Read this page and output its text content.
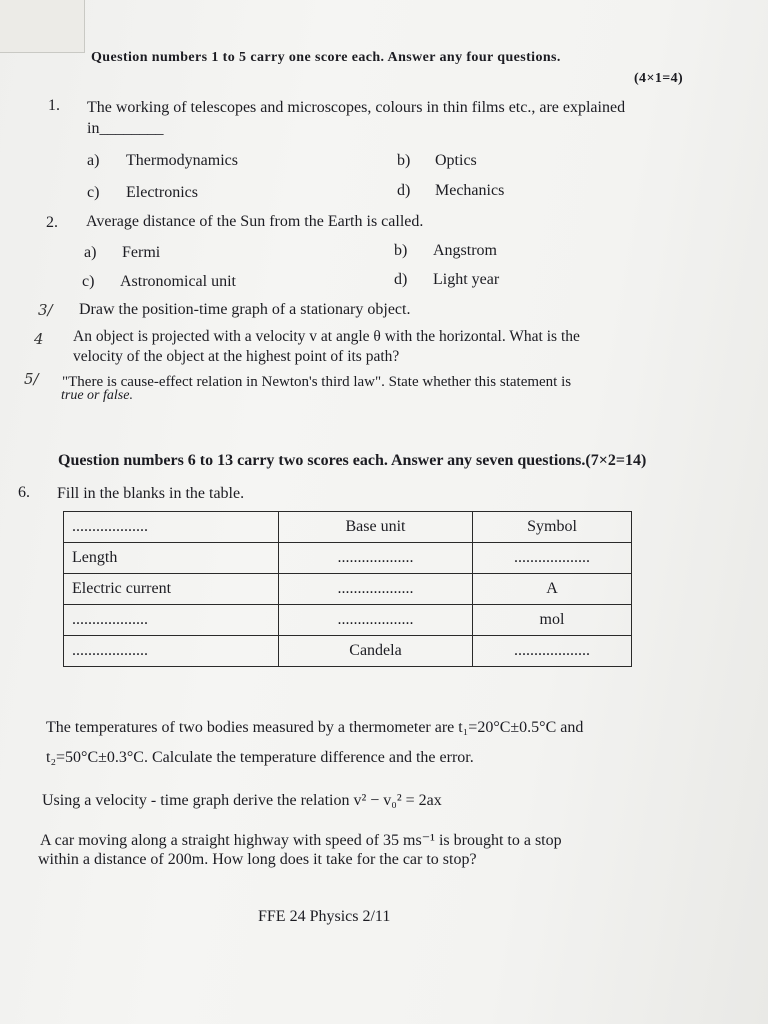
Question numbers 1 to 5 carry one score each. Answer any four questions.
(4×1=4)
1. The working of telescopes and microscopes, colours in thin films etc., are explained
in________
a) Thermodynamics	b) Optics
c) Electronics	d) Mechanics
2. Average distance of the Sun from the Earth is called.
a) Fermi	b) Angstrom
c) Astronomical unit	d) Light year
3/ Draw the position-time graph of a stationary object.
4 An object is projected with a velocity v at angle θ with the horizontal. What is the
velocity of the object at the highest point of its path?
5/ "There is cause-effect relation in Newton's third law". State whether this statement is
true or false.
Question numbers 6 to 13 carry two scores each. Answer any seven questions.(7×2=14)
6. Fill in the blanks in the table.
...................	Base unit	Symbol
Length	...................	...................
Electric current	...................	A
...................	...................	mol
...................	Candela	...................
The temperatures of two bodies measured by a thermometer are t₁=20°C±0.5°C and
t₂=50°C±0.3°C. Calculate the temperature difference and the error.
Using a velocity - time graph derive the relation v² − v₀² = 2ax
A car moving along a straight highway with speed of 35 ms⁻¹ is brought to a stop
within a distance of 200m. How long does it take for the car to stop?
FFE 24 Physics 2/11
